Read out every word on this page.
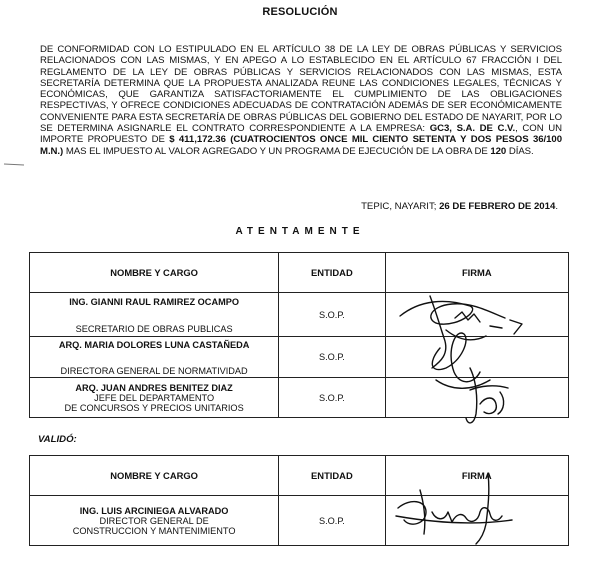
RESOLUCIÓN
DE CONFORMIDAD CON LO ESTIPULADO EN EL ARTÍCULO 38 DE LA LEY DE OBRAS PÚBLICAS Y SERVICIOS RELACIONADOS CON LAS MISMAS, Y EN APEGO A LO ESTABLECIDO EN EL ARTÍCULO 67 FRACCIÓN I DEL REGLAMENTO DE LA LEY DE OBRAS PÚBLICAS Y SERVICIOS RELACIONADOS CON LAS MISMAS, ESTA SECRETARÍA DETERMINA QUE LA PROPUESTA ANALIZADA REUNE LAS CONDICIONES LEGALES, TÉCNICAS Y ECONÓMICAS, QUE GARANTIZA SATISFACTORIAMENTE EL CUMPLIMIENTO DE LAS OBLIGACIONES RESPECTIVAS, Y OFRECE CONDICIONES ADECUADAS DE CONTRATACIÓN ADEMÁS DE SER ECONÓMICAMENTE CONVENIENTE PARA ESTA SECRETARÍA DE OBRAS PÚBLICAS DEL GOBIERNO DEL ESTADO DE NAYARIT, POR LO SE DETERMINA ASIGNARLE EL CONTRATO CORRESPONDIENTE A LA EMPRESA: GC3, S.A. DE C.V., CON UN IMPORTE PROPUESTO DE $ 411,172.36 (CUATROCIENTOS ONCE MIL CIENTO SETENTA Y DOS PESOS 36/100 M.N.) MAS EL IMPUESTO AL VALOR AGREGADO Y UN PROGRAMA DE EJECUCIÓN DE LA OBRA DE 120 DÍAS.
TEPIC, NAYARIT; 26 DE FEBRERO DE 2014.
ATENTAMENTE
NOMBRE Y CARGO	ENTIDAD	FIRMA

ING. GIANNI RAUL RAMIREZ OCAMPO
SECRETARIO DE OBRAS PUBLICAS	S.O.P.	

ARQ. MARIA DOLORES LUNA CASTAÑEDA
DIRECTORA GENERAL DE NORMATIVIDAD	S.O.P.	

ARQ. JUAN ANDRES BENITEZ DIAZ
JEFE DEL DEPARTAMENTO
DE CONCURSOS Y PRECIOS UNITARIOS	S.O.P.	
VALIDÓ:
NOMBRE Y CARGO	ENTIDAD	FIRMA

ING. LUIS ARCINIEGA ALVARADO
DIRECTOR GENERAL DE
CONSTRUCCION Y MANTENIMIENTO	S.O.P.	
